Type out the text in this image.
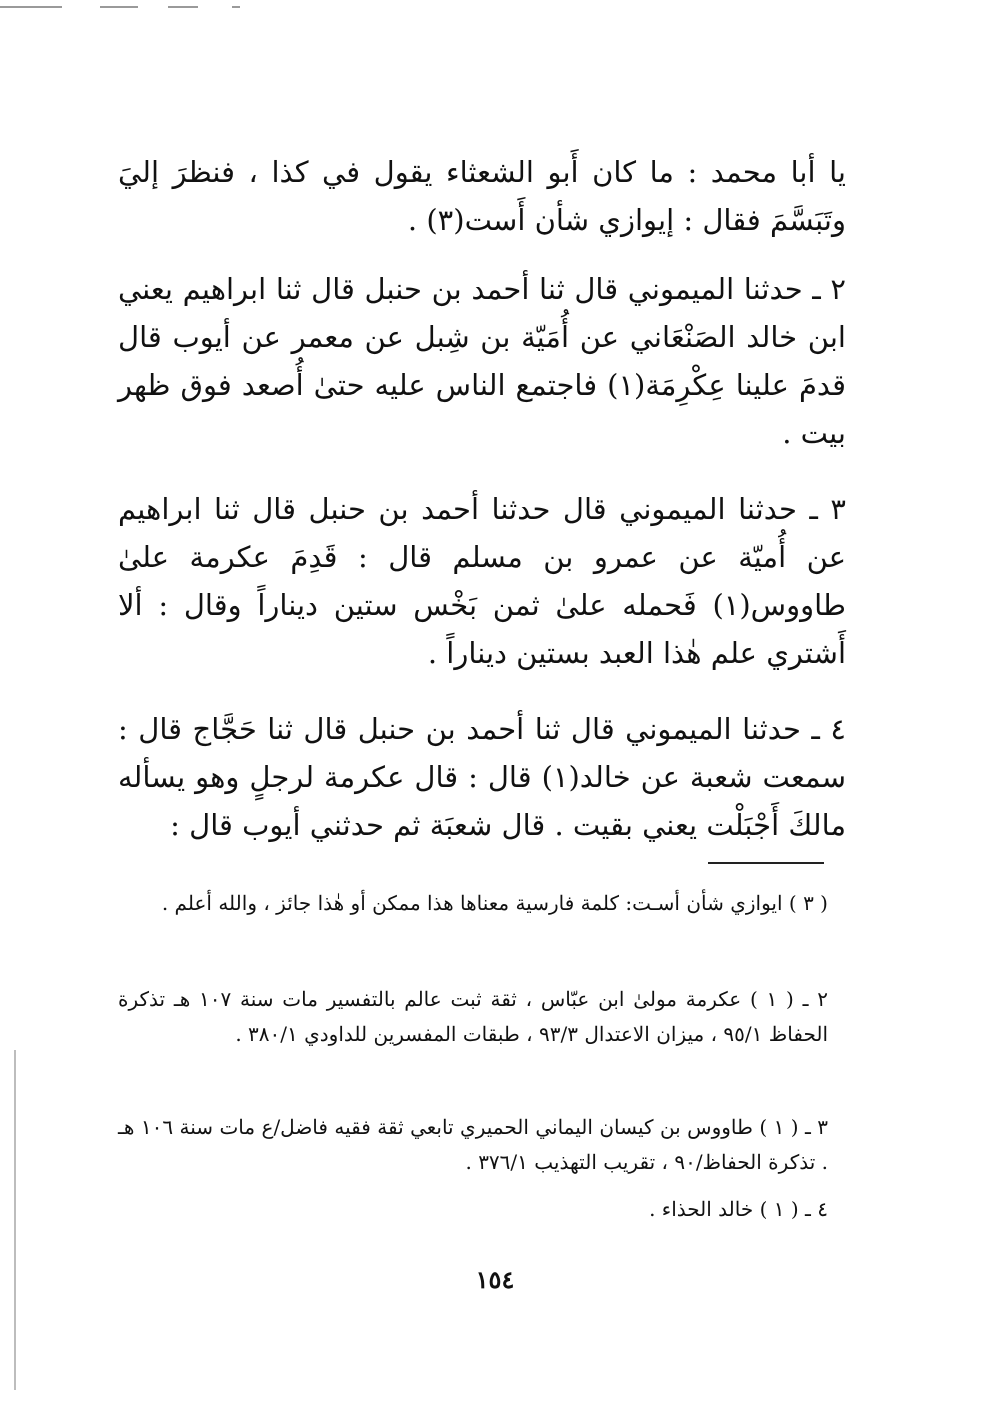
يا أبا محمد : ما كان أَبو الشعثاء يقول في كذا ، فنظرَ إليَ وتَبَسَّمَ فقال : إيوازي شأن أَست(٣) .

٢ ـ حدثنا الميموني قال ثنا أحمد بن حنبل قال ثنا ابراهيم يعني ابن خالد الصَنْعَاني عن أُمَيّة بن شِبل عن معمر عن أيوب قال قدمَ علينا عِكْرِمَة(١) فاجتمع الناس عليه حتىٰ أُصعد فوق ظهر بيت .

٣ ـ حدثنا الميموني قال حدثنا أحمد بن حنبل قال ثنا ابراهيم عن أُميّة عن عمرو بن مسلم قال : قَدِمَ عكرمة علىٰ طاووس(١) فَحمله علىٰ ثمن بَخْس ستين ديناراً وقال : ألا أَشتري علم هٰذا العبد بستين ديناراً .

٤ ـ حدثنا الميموني قال ثنا أحمد بن حنبل قال ثنا حَجَّاج قال : سمعت شعبة عن خالد(١) قال : قال عكرمة لرجلٍ وهو يسأله مالكَ أَجْبَلْت يعني بقيت . قال شعبَة ثم حدثني أيوب قال :

( ٣ ) ايوازي شأن أسـت: كلمة فارسية معناها هذا ممكن أو هٰذا جائز ، والله أعلم .

٢ ـ ( ١ ) عكرمة مولىٰ ابن عبّاس ، ثقة ثبت عالم بالتفسير مات سنة ١٠٧ هـ تذكرة الحفاظ ٩٥/١ ، ميزان الاعتدال ٩٣/٣ ، طبقات المفسرين للداودي ٣٨٠/١ .

٣ ـ ( ١ ) طاووس بن كيسان اليماني الحميري تابعي ثقة فقيه فاضل/ع مات سنة ١٠٦ هـ . تذكرة الحفاظ/٩٠ ، تقريب التهذيب ٣٧٦/١ .

٤ ـ ( ١ ) خالد الحذاء .

١٥٤
